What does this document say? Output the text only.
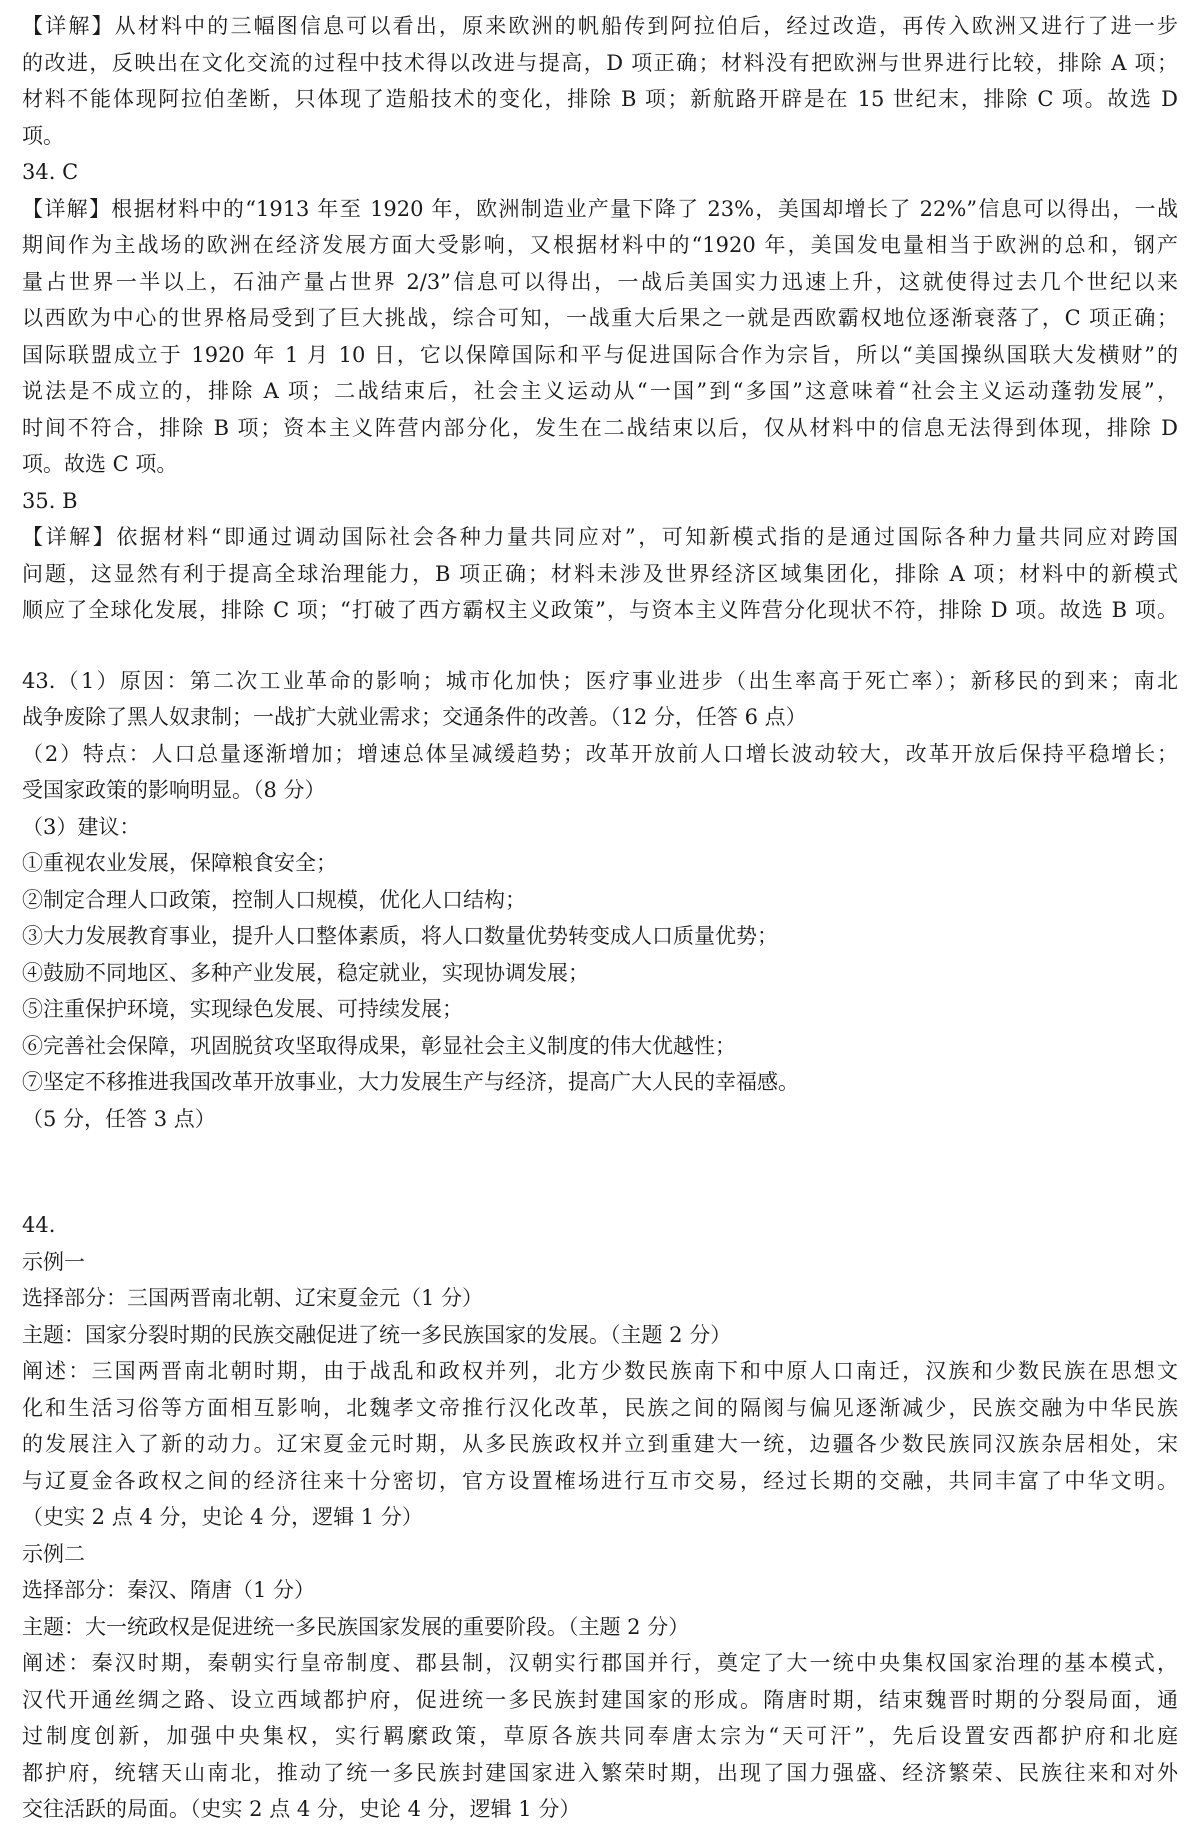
【详解】从材料中的三幅图信息可以看出，原来欧洲的帆船传到阿拉伯后，经过改造，再传入欧洲又进行了进一步
的改进，反映出在文化交流的过程中技术得以改进与提高，D 项正确；材料没有把欧洲与世界进行比较，排除 A 项；
材料不能体现阿拉伯垄断，只体现了造船技术的变化，排除 B 项；新航路开辟是在 15 世纪末，排除 C 项。故选 D
项。
34. C
【详解】根据材料中的“1913 年至 1920 年，欧洲制造业产量下降了 23%，美国却增长了 22%”信息可以得出，一战
期间作为主战场的欧洲在经济发展方面大受影响，又根据材料中的“1920 年，美国发电量相当于欧洲的总和，钢产
量占世界一半以上，石油产量占世界 2/3”信息可以得出，一战后美国实力迅速上升，这就使得过去几个世纪以来
以西欧为中心的世界格局受到了巨大挑战，综合可知，一战重大后果之一就是西欧霸权地位逐渐衰落了，C 项正确；
国际联盟成立于 1920 年 1 月 10 日，它以保障国际和平与促进国际合作为宗旨，所以“美国操纵国联大发横财”的
说法是不成立的，排除 A 项；二战结束后，社会主义运动从“一国”到“多国”这意味着“社会主义运动蓬勃发展”，
时间不符合，排除 B 项；资本主义阵营内部分化，发生在二战结束以后，仅从材料中的信息无法得到体现，排除 D
项。故选 C 项。
35. B
【详解】依据材料“即通过调动国际社会各种力量共同应对”，可知新模式指的是通过国际各种力量共同应对跨国
问题，这显然有利于提高全球治理能力，B 项正确；材料未涉及世界经济区域集团化，排除 A 项；材料中的新模式
顺应了全球化发展，排除 C 项；“打破了西方霸权主义政策”，与资本主义阵营分化现状不符，排除 D 项。故选 B 项。
43.（1）原因：第二次工业革命的影响；城市化加快；医疗事业进步（出生率高于死亡率）；新移民的到来；南北
战争废除了黑人奴隶制；一战扩大就业需求；交通条件的改善。（12 分，任答 6 点）
（2）特点：人口总量逐渐增加；增速总体呈减缓趋势；改革开放前人口增长波动较大，改革开放后保持平稳增长；
受国家政策的影响明显。（8 分）
（3）建议：
①重视农业发展，保障粮食安全；
②制定合理人口政策，控制人口规模，优化人口结构；
③大力发展教育事业，提升人口整体素质，将人口数量优势转变成人口质量优势；
④鼓励不同地区、多种产业发展，稳定就业，实现协调发展；
⑤注重保护环境，实现绿色发展、可持续发展；
⑥完善社会保障，巩固脱贫攻坚取得成果，彰显社会主义制度的伟大优越性；
⑦坚定不移推进我国改革开放事业，大力发展生产与经济，提高广大人民的幸福感。
（5 分，任答 3 点）
44.
示例一
选择部分：三国两晋南北朝、辽宋夏金元（1 分）
主题：国家分裂时期的民族交融促进了统一多民族国家的发展。（主题 2 分）
阐述：三国两晋南北朝时期，由于战乱和政权并列，北方少数民族南下和中原人口南迁，汉族和少数民族在思想文
化和生活习俗等方面相互影响，北魏孝文帝推行汉化改革，民族之间的隔阂与偏见逐渐减少，民族交融为中华民族
的发展注入了新的动力。辽宋夏金元时期，从多民族政权并立到重建大一统，边疆各少数民族同汉族杂居相处，宋
与辽夏金各政权之间的经济往来十分密切，官方设置榷场进行互市交易，经过长期的交融，共同丰富了中华文明。
（史实 2 点 4 分，史论 4 分，逻辑 1 分）
示例二
选择部分：秦汉、隋唐（1 分）
主题：大一统政权是促进统一多民族国家发展的重要阶段。（主题 2 分）
阐述：秦汉时期，秦朝实行皇帝制度、郡县制，汉朝实行郡国并行，奠定了大一统中央集权国家治理的基本模式，
汉代开通丝绸之路、设立西域都护府，促进统一多民族封建国家的形成。隋唐时期，结束魏晋时期的分裂局面，通
过制度创新，加强中央集权，实行羁縻政策，草原各族共同奉唐太宗为“天可汗”，先后设置安西都护府和北庭
都护府，统辖天山南北，推动了统一多民族封建国家进入繁荣时期，出现了国力强盛、经济繁荣、民族往来和对外
交往活跃的局面。（史实 2 点 4 分，史论 4 分，逻辑 1 分）
